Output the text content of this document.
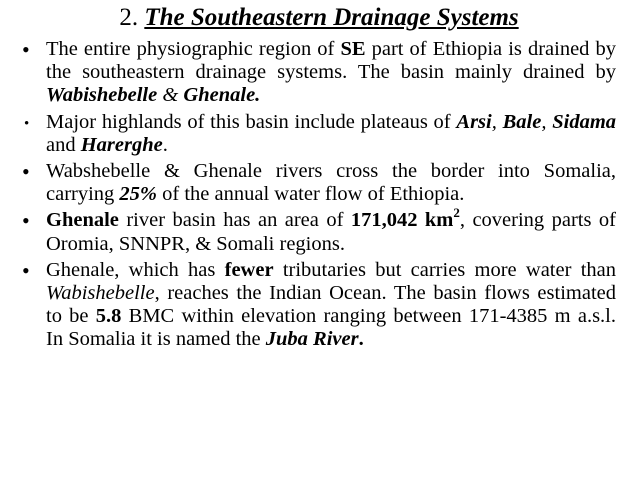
2. The Southeastern Drainage Systems
• The entire physiographic region of SE part of Ethiopia is drained by the southeastern drainage systems. The basin mainly drained by Wabishebelle & Ghenale.
• Major highlands of this basin include plateaus of Arsi, Bale, Sidama and Harerghe.
• Wabshebelle & Ghenale rivers cross the border into Somalia, carrying 25% of the annual water flow of Ethiopia.
• Ghenale river basin has an area of 171,042 $km^2$, covering parts of Oromia, SNNPR, & Somali regions.
• Ghenale, which has fewer tributaries but carries more water than Wabishebelle, reaches the Indian Ocean. The basin flows estimated to be 5.8 BMC within elevation ranging between 171-4385 m a.s.l. In Somalia it is named the Juba River.
